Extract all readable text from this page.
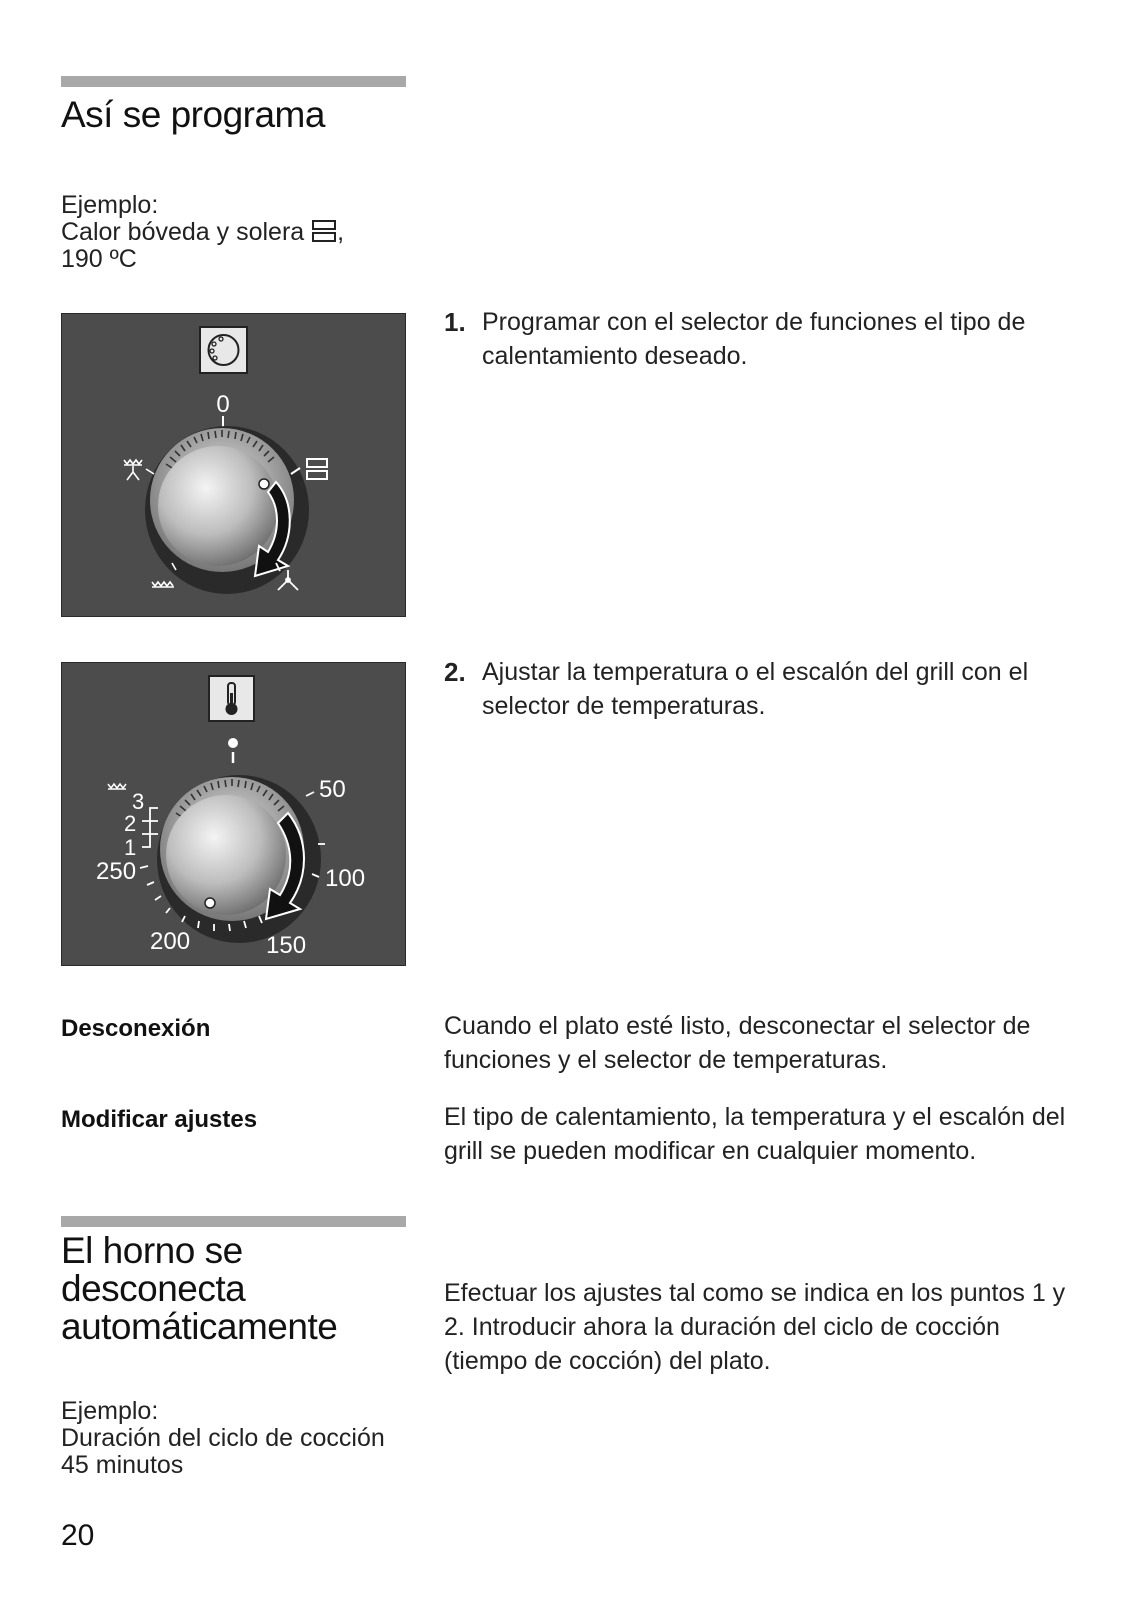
Así se programa
Ejemplo:
Calor bóveda y solera ,
190 ºC
0
1. Programar con el selector de funciones el tipo de calentamiento deseado.
50
100
150
200
250
1
2
3
2. Ajustar la temperatura o el escalón del grill con el selector de temperaturas.
Desconexión	Cuando el plato esté listo, desconectar el selector de funciones y el selector de temperaturas.
Modificar ajustes	El tipo de calentamiento, la temperatura y el escalón del grill se pueden modificar en cualquier momento.
El horno se
desconecta
automáticamente
Efectuar los ajustes tal como se indica en los puntos 1 y 2. Introducir ahora la duración del ciclo de cocción (tiempo de cocción) del plato.
Ejemplo:
Duración del ciclo de cocción
45 minutos
20
